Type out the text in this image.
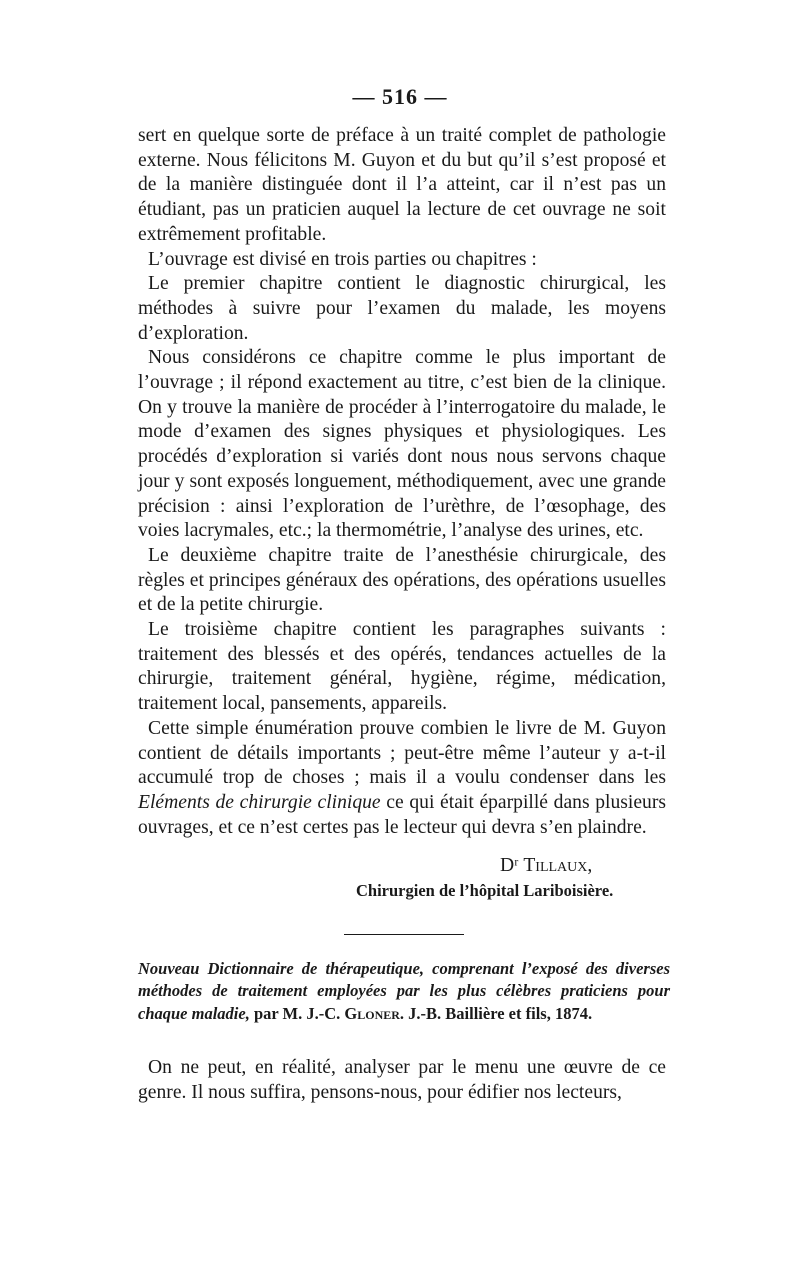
— 516 —

sert en quelque sorte de préface à un traité complet de pathologie externe. Nous félicitons M. Guyon et du but qu’il s’est proposé et de la manière distinguée dont il l’a atteint, car il n’est pas un étudiant, pas un praticien auquel la lecture de cet ouvrage ne soit extrêmement profitable.

L’ouvrage est divisé en trois parties ou chapitres :

Le premier chapitre contient le diagnostic chirurgical, les méthodes à suivre pour l’examen du malade, les moyens d’exploration.

Nous considérons ce chapitre comme le plus important de l’ouvrage ; il répond exactement au titre, c’est bien de la clinique. On y trouve la manière de procéder à l’interrogatoire du malade, le mode d’examen des signes physiques et physiologiques. Les procédés d’exploration si variés dont nous nous servons chaque jour y sont exposés longuement, méthodiquement, avec une grande précision : ainsi l’exploration de l’urèthre, de l’œsophage, des voies lacrymales, etc.; la thermométrie, l’analyse des urines, etc.

Le deuxième chapitre traite de l’anesthésie chirurgicale, des règles et principes généraux des opérations, des opérations usuelles et de la petite chirurgie.

Le troisième chapitre contient les paragraphes suivants : traitement des blessés et des opérés, tendances actuelles de la chirurgie, traitement général, hygiène, régime, médication, traitement local, pansements, appareils.

Cette simple énumération prouve combien le livre de M. Guyon contient de détails importants ; peut-être même l’auteur y a-t-il accumulé trop de choses ; mais il a voulu condenser dans les Eléments de chirurgie clinique ce qui était éparpillé dans plusieurs ouvrages, et ce n’est certes pas le lecteur qui devra s’en plaindre.

Dʳ Tillaux,
Chirurgien de l’hôpital Lariboisière.

Nouveau Dictionnaire de thérapeutique, comprenant l’exposé des diverses méthodes de traitement employées par les plus célèbres praticiens pour chaque maladie, par M. J.-C. Gloner. J.-B. Baillière et fils, 1874.

On ne peut, en réalité, analyser par le menu une œuvre de ce genre. Il nous suffira, pensons-nous, pour édifier nos lecteurs,
